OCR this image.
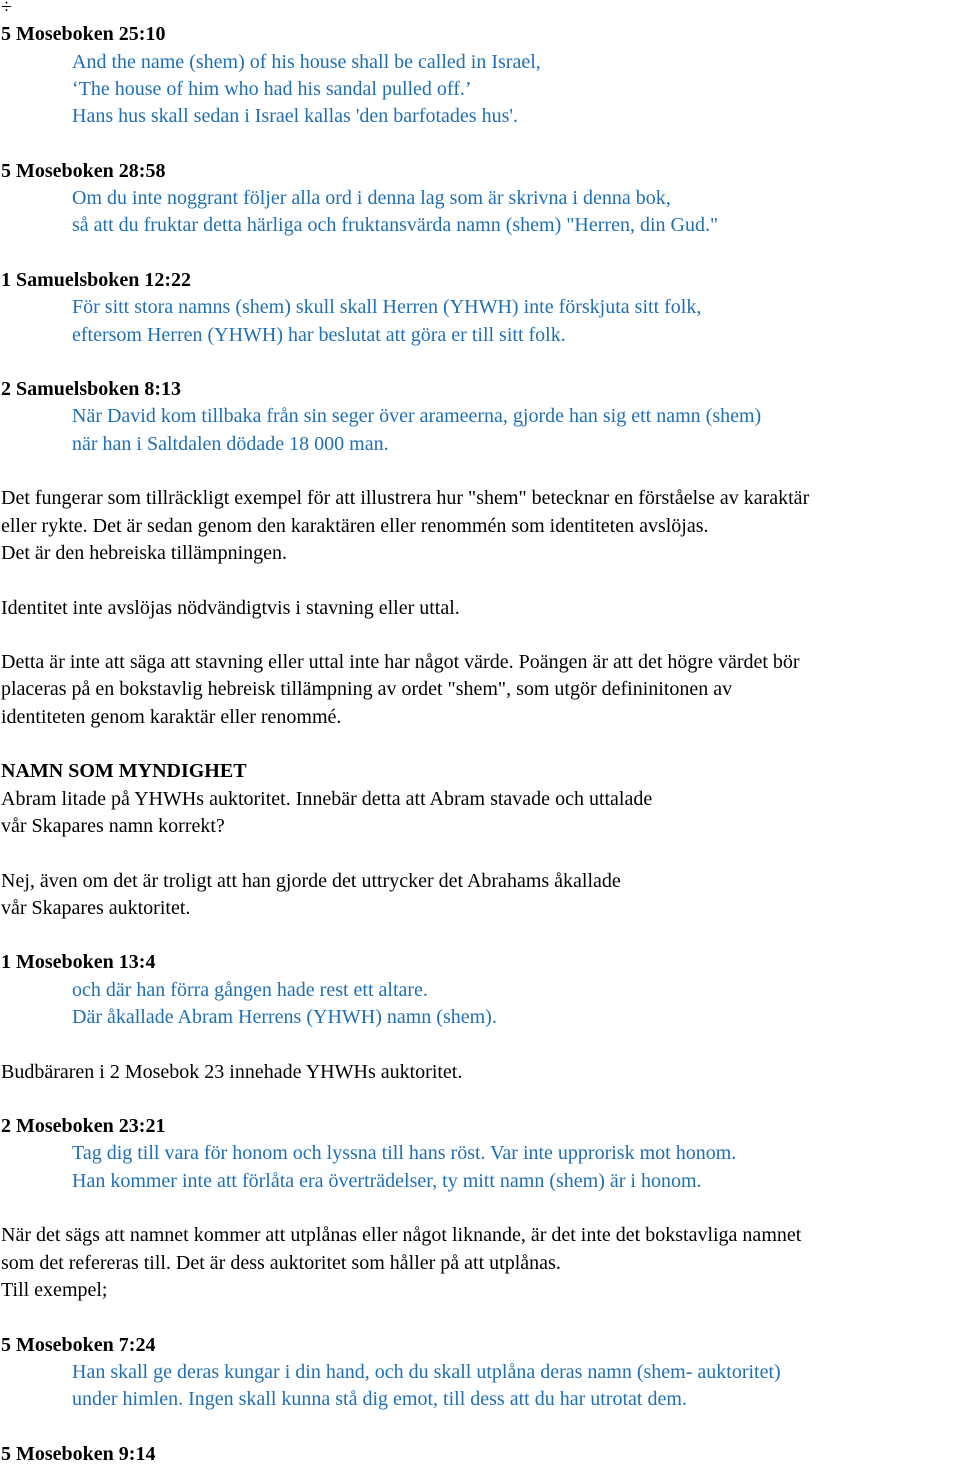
÷
5 Moseboken 25:10
And the name (shem) of his house shall be called in Israel,
‘The house of him who had his sandal pulled off.’
Hans hus skall sedan i Israel kallas 'den barfotades hus'.
5 Moseboken 28:58
Om du inte noggrant följer alla ord i denna lag som är skrivna i denna bok,
så att du fruktar detta härliga och fruktansvärda namn (shem) "Herren, din Gud."
1 Samuelsboken 12:22
För sitt stora namns (shem) skull skall Herren (YHWH) inte förskjuta sitt folk,
eftersom Herren (YHWH) har beslutat att göra er till sitt folk.
2 Samuelsboken 8:13
När David kom tillbaka från sin seger över arameerna, gjorde han sig ett namn (shem)
när han i Saltdalen dödade 18 000 man.
Det fungerar som tillräckligt exempel för att illustrera hur "shem" betecknar en förståelse av karaktär
eller rykte. Det är sedan genom den karaktären eller renommén som identiteten avslöjas.
Det är den hebreiska tillämpningen.
Identitet inte avslöjas nödvändigtvis i stavning eller uttal.
Detta är inte att säga att stavning eller uttal inte har något värde. Poängen är att det högre värdet bör
placeras på en bokstavlig hebreisk tillämpning av ordet "shem", som utgör defininitonen av
identiteten genom karaktär eller renommé.
NAMN SOM MYNDIGHET
Abram litade på YHWHs auktoritet. Innebär detta att Abram stavade och uttalade
vår Skapares namn korrekt?
Nej, även om det är troligt att han gjorde det uttrycker det Abrahams åkallade
vår Skapares auktoritet.
1 Moseboken 13:4
och där han förra gången hade rest ett altare.
Där åkallade Abram Herrens (YHWH) namn (shem).
Budbäraren i 2 Mosebok 23 innehade YHWHs auktoritet.
2 Moseboken 23:21
Tag dig till vara för honom och lyssna till hans röst. Var inte upprorisk mot honom.
Han kommer inte att förlåta era överträdelser, ty mitt namn (shem) är i honom.
När det sägs att namnet kommer att utplånas eller något liknande, är det inte det bokstavliga namnet
som det refereras till. Det är dess auktoritet som håller på att utplånas.
Till exempel;
5 Moseboken 7:24
Han skall ge deras kungar i din hand, och du skall utplåna deras namn (shem- auktoritet)
under himlen. Ingen skall kunna stå dig emot, till dess att du har utrotat dem.
5 Moseboken 9:14
